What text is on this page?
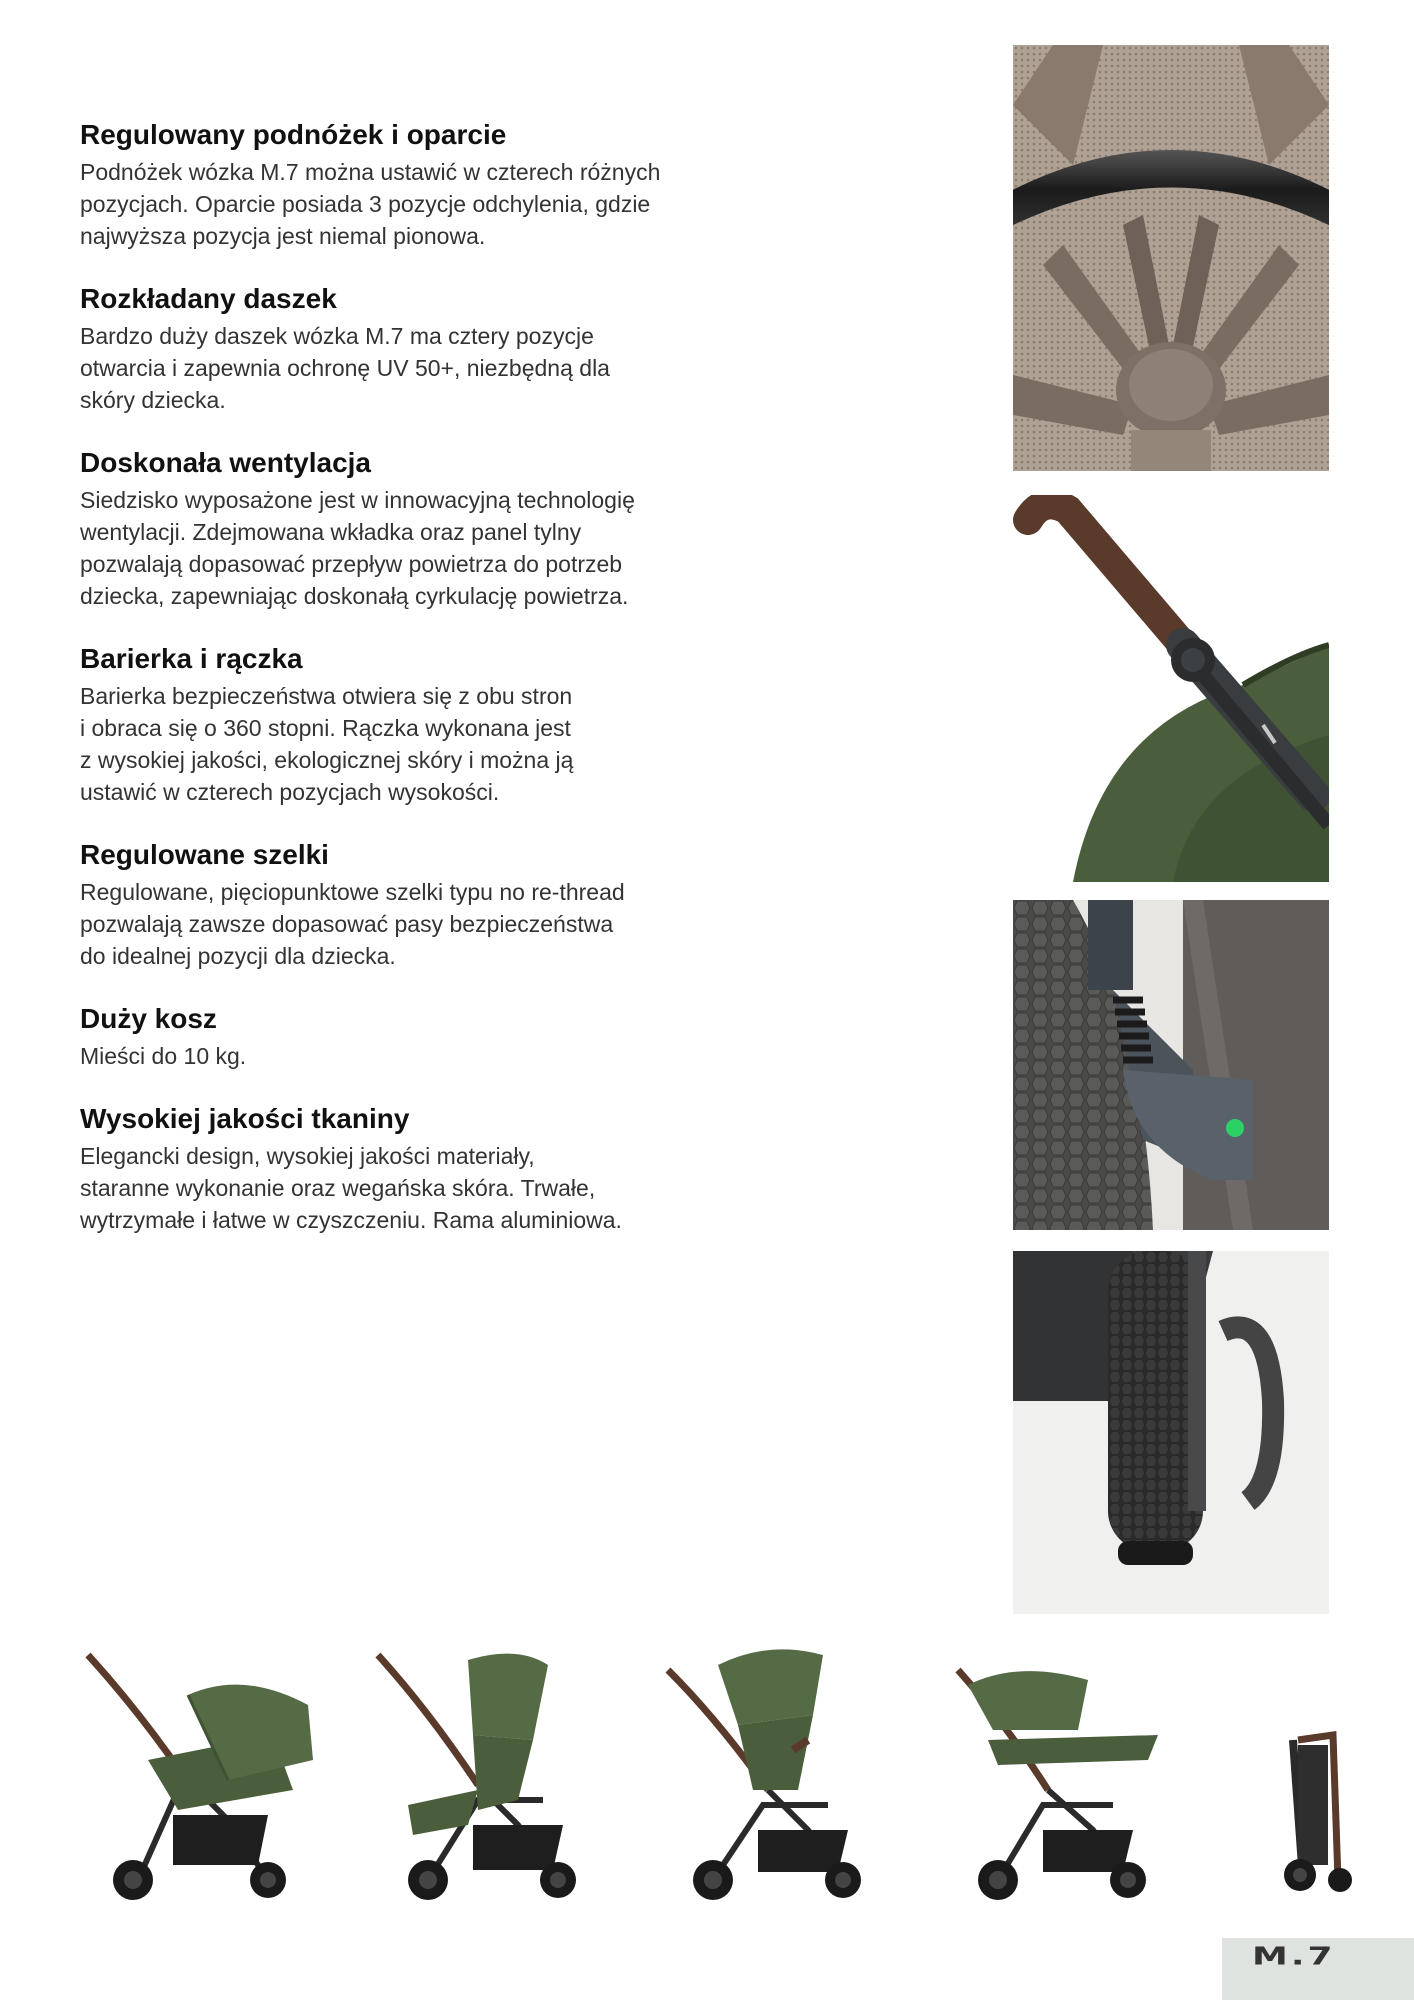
Regulowany podnóżek i oparcie

Podnóżek wózka M.7 można ustawić w czterech różnych
pozycjach. Oparcie posiada 3 pozycje odchylenia, gdzie
najwyższa pozycja jest niemal pionowa.

Rozkładany daszek

Bardzo duży daszek wózka M.7 ma cztery pozycje
otwarcia i zapewnia ochronę UV 50+, niezbędną dla
skóry dziecka.

Doskonała wentylacja

Siedzisko wyposażone jest w innowacyjną technologię
wentylacji. Zdejmowana wkładka oraz panel tylny
pozwalają dopasować przepływ powietrza do potrzeb
dziecka, zapewniając doskonałą cyrkulację powietrza.

Barierka i rączka

Barierka bezpieczeństwa otwiera się z obu stron
i obraca się o 360 stopni. Rączka wykonana jest
z wysokiej jakości, ekologicznej skóry i można ją
ustawić w czterech pozycjach wysokości.

Regulowane szelki

Regulowane, pięciopunktowe szelki typu no re-thread
pozwalają zawsze dopasować pasy bezpieczeństwa
do idealnej pozycji dla dziecka.

Duży kosz

Mieści do 10 kg.

Wysokiej jakości tkaniny

Elegancki design, wysokiej jakości materiały,
staranne wykonanie oraz wegańska skóra. Trwałe,
wytrzymałe i łatwe w czyszczeniu. Rama aluminiowa.

M.7
